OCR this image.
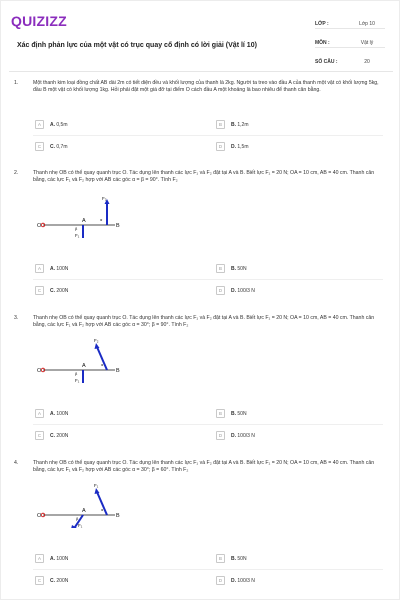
QUIZIZZ
Xác định phản lực của một vật có trục quay cố định có lời giải (Vật lí 10)
LỚP :	Lớp 10
MÔN :	Vật lý
SỐ CÂU :	20
1.	Một thanh kim loại đồng chất AB dài 2m có tiết diện đều và khối lượng của thanh là 2kg. Người ta treo vào đầu A của thanh một vật có khối lượng 5kg, đầu B một vật có khối lượng 1kg. Hỏi phải đặt một giá đỡ tại điểm O cách đầu A một khoảng là bao nhiêu để thanh cân bằng.
A	A. 0,5m	B	B. 1,2m
C	C. 0,7m	D	D. 1,5m
2.	Thanh nhẹ OB có thể quay quanh trục O. Tác dụng lên thanh các lực F₁ và F₂ đặt tại A và B. Biết lực F₁ = 20 N; OA = 10 cm, AB = 40 cm. Thanh cân bằng, các lực F₁ và F₂ hợp với AB các góc α = β = 90°. Tính F₂
O
A
B
F₂
F₁
α
β
A	A. 100N	B	B. 50N
C	C. 200N	D	D. 100/3 N
3.	Thanh nhẹ OB có thể quay quanh trục O. Tác dụng lên thanh các lực F₁ và F₂ đặt tại A và B. Biết lực F₁ = 20 N; OA = 10 cm, AB = 40 cm. Thanh cân bằng, các lực F₁ và F₂ hợp với AB các góc α = 30°; β = 90°. Tính F₂
O
A
B
F₂
F₁
α
β
A	A. 100N	B	B. 50N
C	C. 200N	D	D. 100/3 N
4.	Thanh nhẹ OB có thể quay quanh trục O. Tác dụng lên thanh các lực F₁ và F₂ đặt tại A và B. Biết lực F₁ = 20 N; OA = 10 cm, AB = 40 cm. Thanh cân bằng, các lực F₁ và F₂ hợp với AB các góc α = 30°; β = 60°. Tính F₂
O
A
B
F₁
F₁
α
β
A	A. 100N	B	B. 50N
C	C. 200N	D	D. 100/3 N
